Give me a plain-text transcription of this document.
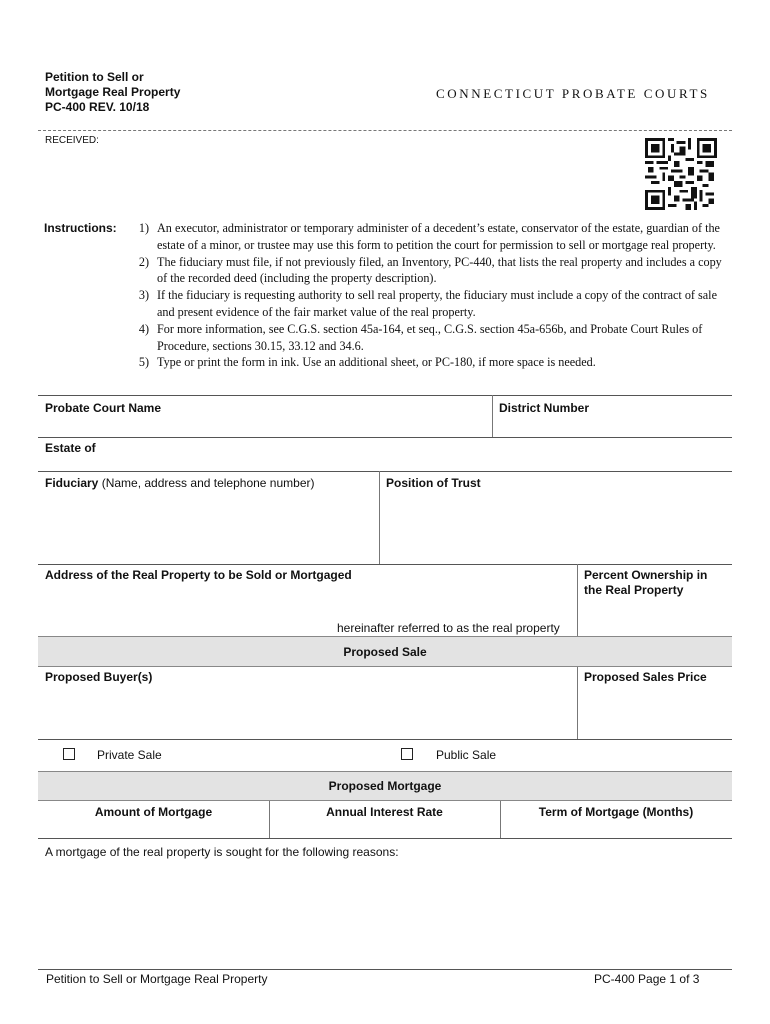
Petition to Sell or
Mortgage Real Property
PC-400 REV. 10/18
CONNECTICUT PROBATE COURTS
RECEIVED:
Instructions:	1) An executor, administrator or temporary administer of a decedent’s estate, conservator of the estate, guardian of the estate of a minor, or trustee may use this form to petition the court for permission to sell or mortgage real property.
2) The fiduciary must file, if not previously filed, an Inventory, PC-440, that lists the real property and includes a copy of the recorded deed (including the property description).
3) If the fiduciary is requesting authority to sell real property, the fiduciary must include a copy of the contract of sale and present evidence of the fair market value of the real property.
4) For more information, see C.G.S. section 45a-164, et seq., C.G.S. section 45a-656b, and Probate Court Rules of Procedure, sections 30.15, 33.12 and 34.6.
5) Type or print the form in ink. Use an additional sheet, or PC-180, if more space is needed.
Probate Court Name	District Number
Estate of
Fiduciary (Name, address and telephone number)	Position of Trust
Address of the Real Property to be Sold or Mortgaged	Percent Ownership in
the Real Property
hereinafter referred to as the real property
Proposed Sale
Proposed Buyer(s)	Proposed Sales Price
Private Sale	Public Sale
Proposed Mortgage
Amount of Mortgage	Annual Interest Rate	Term of Mortgage (Months)
A mortgage of the real property is sought for the following reasons:
Petition to Sell or Mortgage Real Property	PC-400 Page 1 of 3
